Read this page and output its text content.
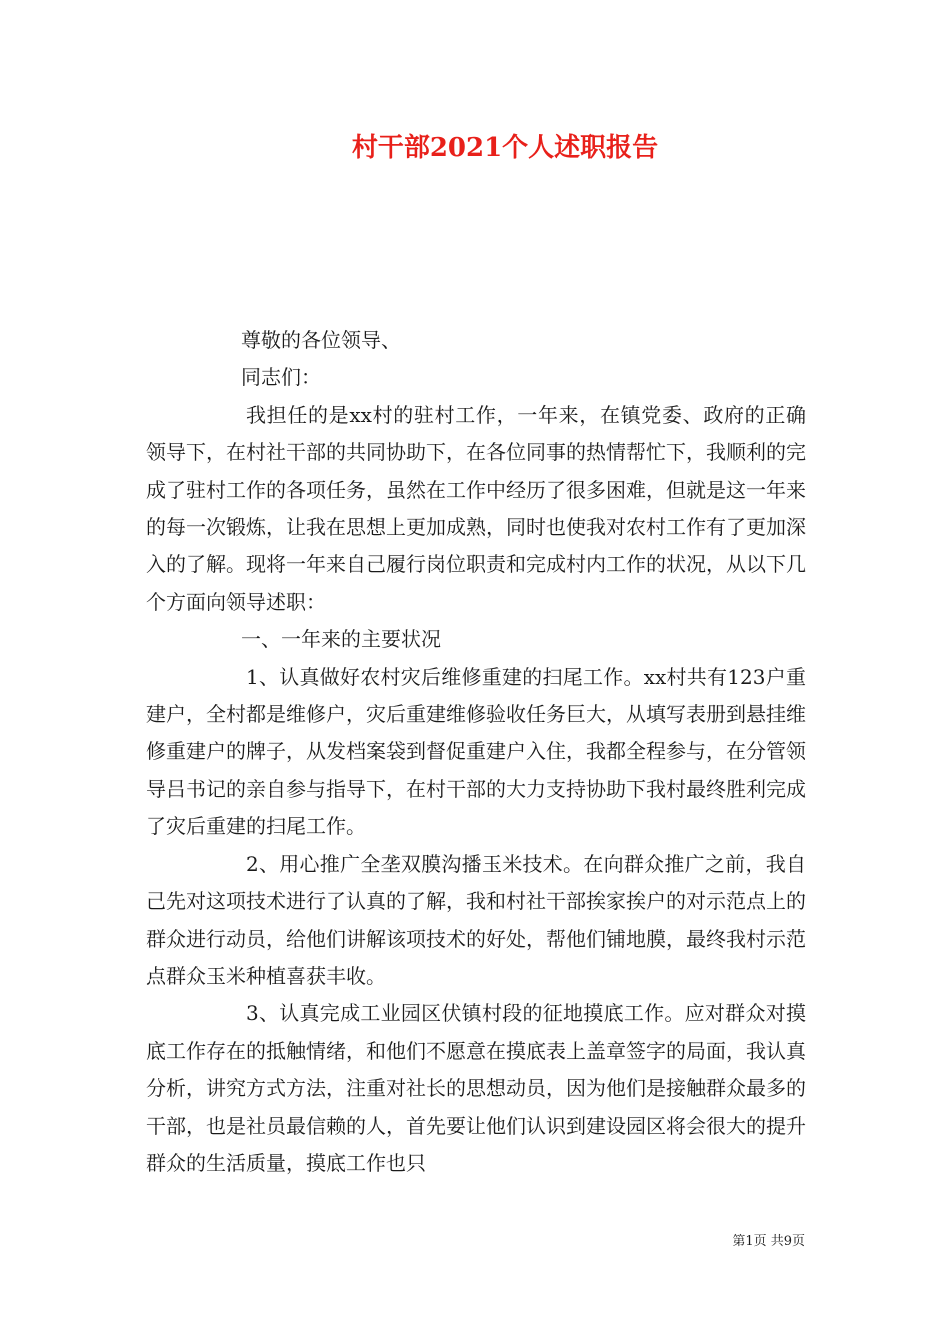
村干部2021个人述职报告

尊敬的各位领导、

同志们：

我担任的是xx村的驻村工作，一年来，在镇党委、政府的正确领导下，在村社干部的共同协助下，在各位同事的热情帮忙下，我顺利的完成了驻村工作的各项任务，虽然在工作中经历了很多困难，但就是这一年来的每一次锻炼，让我在思想上更加成熟，同时也使我对农村工作有了更加深入的了解。现将一年来自己履行岗位职责和完成村内工作的状况，从以下几个方面向领导述职：

一、一年来的主要状况

1、认真做好农村灾后维修重建的扫尾工作。xx村共有123户重建户，全村都是维修户，灾后重建维修验收任务巨大，从填写表册到悬挂维修重建户的牌子，从发档案袋到督促重建户入住，我都全程参与，在分管领导吕书记的亲自参与指导下，在村干部的大力支持协助下我村最终胜利完成了灾后重建的扫尾工作。

2、用心推广全垄双膜沟播玉米技术。在向群众推广之前，我自己先对这项技术进行了认真的了解，我和村社干部挨家挨户的对示范点上的群众进行动员，给他们讲解该项技术的好处，帮他们铺地膜，最终我村示范点群众玉米种植喜获丰收。

3、认真完成工业园区伏镇村段的征地摸底工作。应对群众对摸底工作存在的抵触情绪，和他们不愿意在摸底表上盖章签字的局面，我认真分析，讲究方式方法，注重对社长的思想动员，因为他们是接触群众最多的干部，也是社员最信赖的人，首先要让他们认识到建设园区将会很大的提升群众的生活质量，摸底工作也只

第1页 共9页
